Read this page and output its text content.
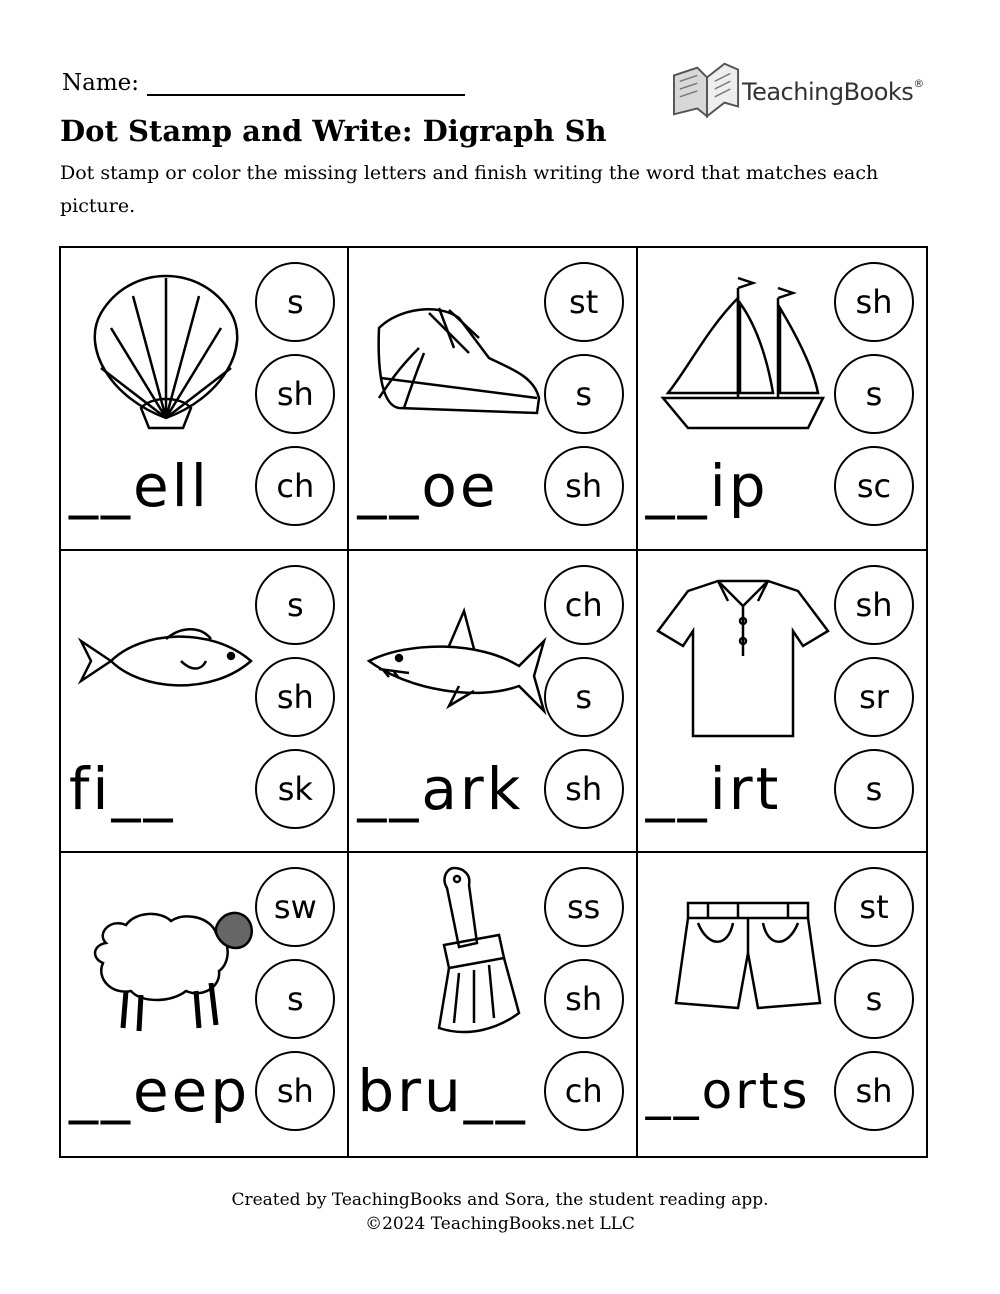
Name:	TeachingBooks ®
Dot Stamp and Write: Digraph Sh

Dot stamp or color the missing letters and finish writing the word that matches each picture.

s
sh
ch
__ell
st
s
sh
__oe
sh
s
sc
__ip
s
sh
sk
fi__
ch
s
sh
__ark
sh
sr
s
__irt
sw
s
sh
__eep
ss
sh
ch
bru__
st
s
sh
__orts
Created by TeachingBooks and Sora, the student reading app.
©2024 TeachingBooks.net LLC
